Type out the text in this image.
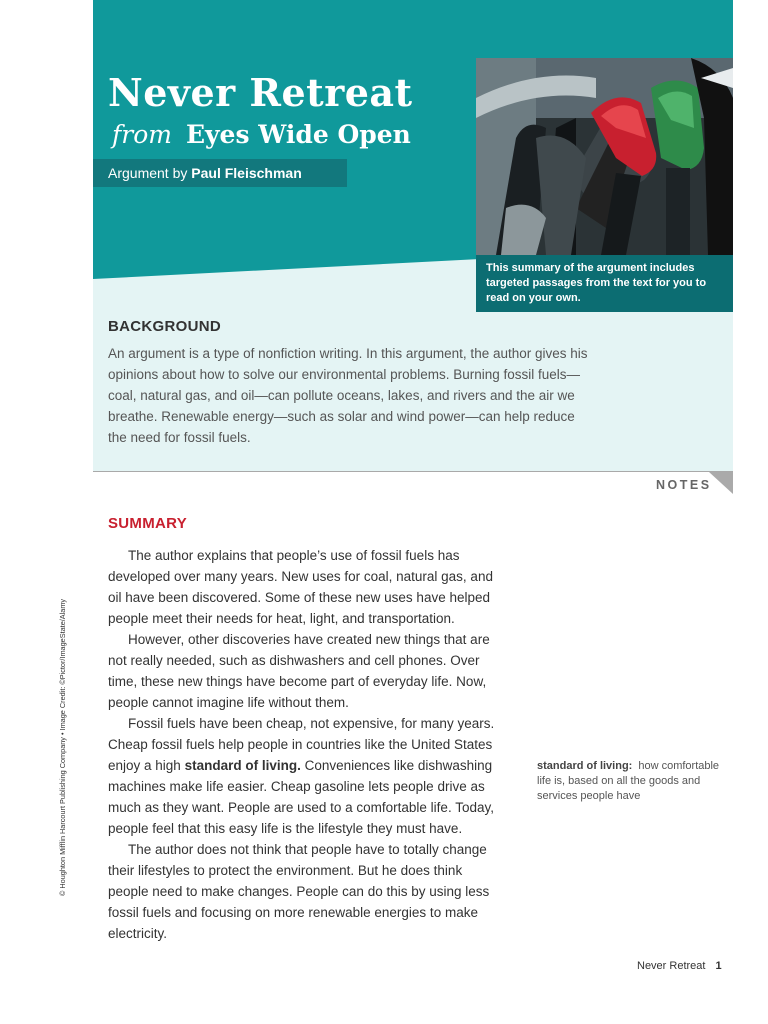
Never Retreat
from Eyes Wide Open
Argument by Paul Fleischman
This summary of the argument includes targeted passages from the text for you to read on your own.
BACKGROUND

An argument is a type of nonfiction writing. In this argument, the author gives his opinions about how to solve our environmental problems. Burning fossil fuels—coal, natural gas, and oil—can pollute oceans, lakes, and rivers and the air we breathe. Renewable energy—such as solar and wind power—can help reduce the need for fossil fuels.

NOTES
SUMMARY

The author explains that people’s use of fossil fuels has developed over many years. New uses for coal, natural gas, and oil have been discovered. Some of these new uses have helped people meet their needs for heat, light, and transportation.

However, other discoveries have created new things that are not really needed, such as dishwashers and cell phones. Over time, these new things have become part of everyday life. Now, people cannot imagine life without them.

Fossil fuels have been cheap, not expensive, for many years. Cheap fossil fuels help people in countries like the United States enjoy a high standard of living. Conveniences like dishwashing machines make life easier. Cheap gasoline lets people drive as much as they want. People are used to a comfortable life. Today, people feel that this easy life is the lifestyle they must have.

The author does not think that people have to totally change their lifestyles to protect the environment. But he does think people need to make changes. People can do this by using less fossil fuels and focusing on more renewable energies to make electricity.

standard of living: how comfortable life is, based on all the goods and services people have
© Houghton Mifflin Harcourt Publishing Company • Image Credit: ©Pictor/ImageState/Alamy
Never Retreat 1
